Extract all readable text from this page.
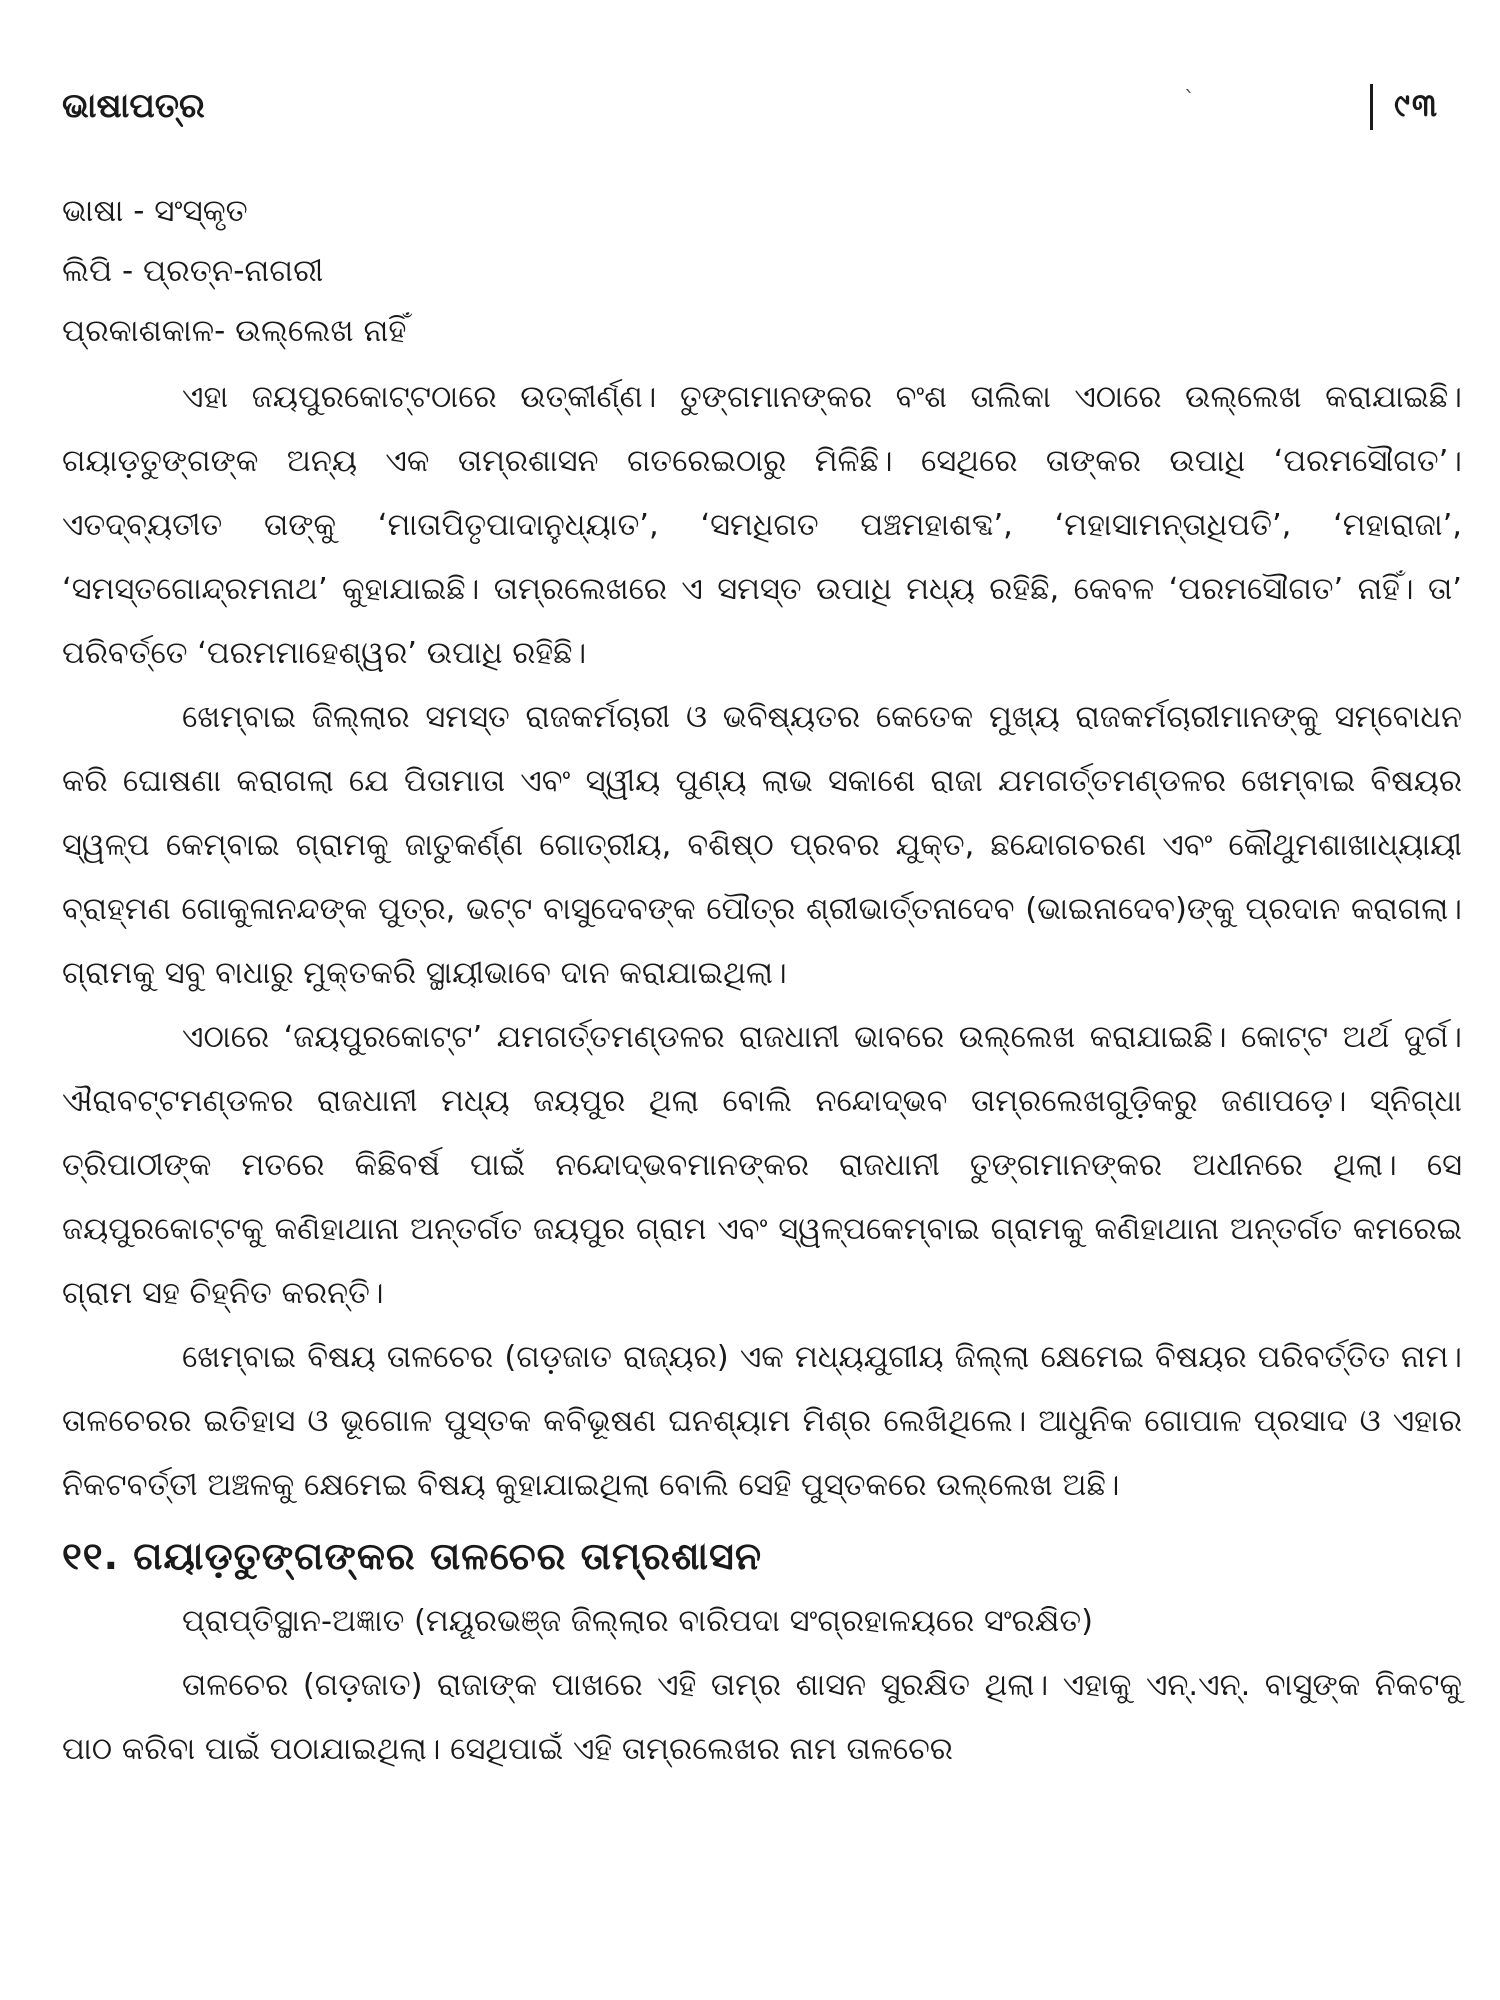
ଭାଷାପତ୍ର	`	୯୩
ଭାଷା - ସଂସ୍କୃତ
ଲିପି - ପ୍ରତ୍ନ-ନାଗରୀ
ପ୍ରକାଶକାଳ- ଉଲ୍ଲେଖ ନାହିଁ

ଏହା ଜୟପୁରକୋଟ୍ଟଠାରେ ଉତ୍କୀର୍ଣ୍ଣ। ତୁଙ୍ଗମାନଙ୍କର ବଂଶ ତାଲିକା ଏଠାରେ ଉଲ୍ଲେଖ କରାଯାଇଛି। ଗୟାଡ଼ତୁଙ୍ଗଙ୍କ ଅନ୍ୟ ଏକ ତାମ୍ରଶାସନ ଗତରେଇଠାରୁ ମିଳିଛି। ସେଥିରେ ତାଙ୍କର ଉପାଧି ‘ପରମସୌଗତ’। ଏତଦ୍‌ବ୍ୟତୀତ ତାଙ୍କୁ ‘ମାତାପିତୃପାଦାନୁଧ୍ୟାତ’, ‘ସମଧିଗତ ପଞ୍ଚମହାଶବ୍ଦ’, ‘ମହାସାମନ୍ତାଧିପତି’, ‘ମହାରାଜା’, ‘ସମସ୍ତଗୋନ୍ଦ୍ରମନାଥ’ କୁହାଯାଇଛି। ତାମ୍ରଲେଖରେ ଏ ସମସ୍ତ ଉପାଧି ମଧ୍ୟ ରହିଛି, କେବଳ ‘ପରମସୌଗତ’ ନାହିଁ। ତା’ ପରିବର୍ତ୍ତେ ‘ପରମମାହେଶ୍ୱର’ ଉପାଧି ରହିଛି।

ଖେମ୍ବାଇ ଜିଲ୍ଲାର ସମସ୍ତ ରାଜକର୍ମଚାରୀ ଓ ଭବିଷ୍ୟତର କେତେକ ମୁଖ୍ୟ ରାଜକର୍ମଚାରୀମାନଙ୍କୁ ସମ୍ବୋଧନ କରି ଘୋଷଣା କରାଗଲା ଯେ ପିତାମାତା ଏବଂ ସ୍ୱୀୟ ପୁଣ୍ୟ ଲାଭ ସକାଶେ ରାଜା ଯମଗର୍ତ୍ତମଣ୍ଡଳର ଖେମ୍ବାଇ ବିଷୟର ସ୍ୱଳ୍ପ କେମ୍ବାଇ ଗ୍ରାମକୁ ଜାତୁକର୍ଣ୍ଣ ଗୋତ୍ରୀୟ, ବଶିଷ୍ଠ ପ୍ରବର ଯୁକ୍ତ, ଛନ୍ଦୋଗଚରଣ ଏବଂ କୌଥୁମଶାଖାଧ୍ୟାୟୀ ବ୍ରାହ୍ମଣ ଗୋକୁଳାନନ୍ଦଙ୍କ ପୁତ୍ର, ଭଟ୍ଟ ବାସୁଦେବଙ୍କ ପୌତ୍ର ଶ୍ରୀଭାର୍ତ୍ତନାଦେବ (ଭାଇନାଦେବ)ଙ୍କୁ ପ୍ରଦାନ କରାଗଲା। ଗ୍ରାମକୁ ସବୁ ବାଧାରୁ ମୁକ୍ତକରି ସ୍ଥାୟୀଭାବେ ଦାନ କରାଯାଇଥିଲା।

ଏଠାରେ ‘ଜୟପୁରକୋଟ୍ଟ’ ଯମଗର୍ତ୍ତମଣ୍ଡଳର ରାଜଧାନୀ ଭାବରେ ଉଲ୍ଲେଖ କରାଯାଇଛି। କୋଟ୍ଟ ଅର୍ଥ ଦୁର୍ଗ। ଐରାବଟ୍ଟମଣ୍ଡଳର ରାଜଧାନୀ ମଧ୍ୟ ଜୟପୁର ଥିଲା ବୋଲି ନନ୍ଦୋଦ୍ଭବ ତାମ୍ରଲେଖଗୁଡ଼ିକରୁ ଜଣାପଡ଼େ। ସ୍ନିଗ୍ଧା ତ୍ରିପାଠୀଙ୍କ ମତରେ କିଛିବର୍ଷ ପାଇଁ ନନ୍ଦୋଦ୍ଭବମାନଙ୍କର ରାଜଧାନୀ ତୁଙ୍ଗମାନଙ୍କର ଅଧୀନରେ ଥିଲା। ସେ ଜୟପୁରକୋଟ୍ଟକୁ କଣିହାଥାନା ଅନ୍ତର୍ଗତ ଜୟପୁର ଗ୍ରାମ ଏବଂ ସ୍ୱଳ୍ପକେମ୍ବାଇ ଗ୍ରାମକୁ କଣିହାଥାନା ଅନ୍ତର୍ଗତ କମରେଇ ଗ୍ରାମ ସହ ଚିହ୍ନିତ କରନ୍ତି।

ଖେମ୍ବାଇ ବିଷୟ ତାଳଚେର (ଗଡ଼ଜାତ ରାଜ୍ୟର) ଏକ ମଧ୍ୟଯୁଗୀୟ ଜିଲ୍ଲା କ୍ଷେମେଇ ବିଷୟର ପରିବର୍ତ୍ତିତ ନାମ। ତାଳଚେରର ଇତିହାସ ଓ ଭୂଗୋଳ ପୁସ୍ତକ କବିଭୂଷଣ ଘନଶ୍ୟାମ ମିଶ୍ର ଲେଖିଥିଲେ। ଆଧୁନିକ ଗୋପାଳ ପ୍ରସାଦ ଓ ଏହାର ନିକଟବର୍ତ୍ତୀ ଅଞ୍ଚଳକୁ କ୍ଷେମେଇ ବିଷୟ କୁହାଯାଇଥିଲା ବୋଲି ସେହି ପୁସ୍ତକରେ ଉଲ୍ଲେଖ ଅଛି।

୧୧. ଗୟାଡ଼ତୁଙ୍ଗଙ୍କର ତାଳଚେର ତାମ୍ରଶାସନ

ପ୍ରାପ୍ତିସ୍ଥାନ-ଅଜ୍ଞାତ (ମୟୂରଭଞ୍ଜ ଜିଲ୍ଲାର ବାରିପଦା ସଂଗ୍ରହାଳୟରେ ସଂରକ୍ଷିତ)

ତାଳଚେର (ଗଡ଼ଜାତ) ରାଜାଙ୍କ ପାଖରେ ଏହି ତାମ୍ର ଶାସନ ସୁରକ୍ଷିତ ଥିଲା। ଏହାକୁ ଏନ୍.ଏନ୍. ବାସୁଙ୍କ ନିକଟକୁ ପାଠ କରିବା ପାଇଁ ପଠାଯାଇଥିଲା। ସେଥିପାଇଁ ଏହି ତାମ୍ରଲେଖର ନାମ ତାଳଚେର
